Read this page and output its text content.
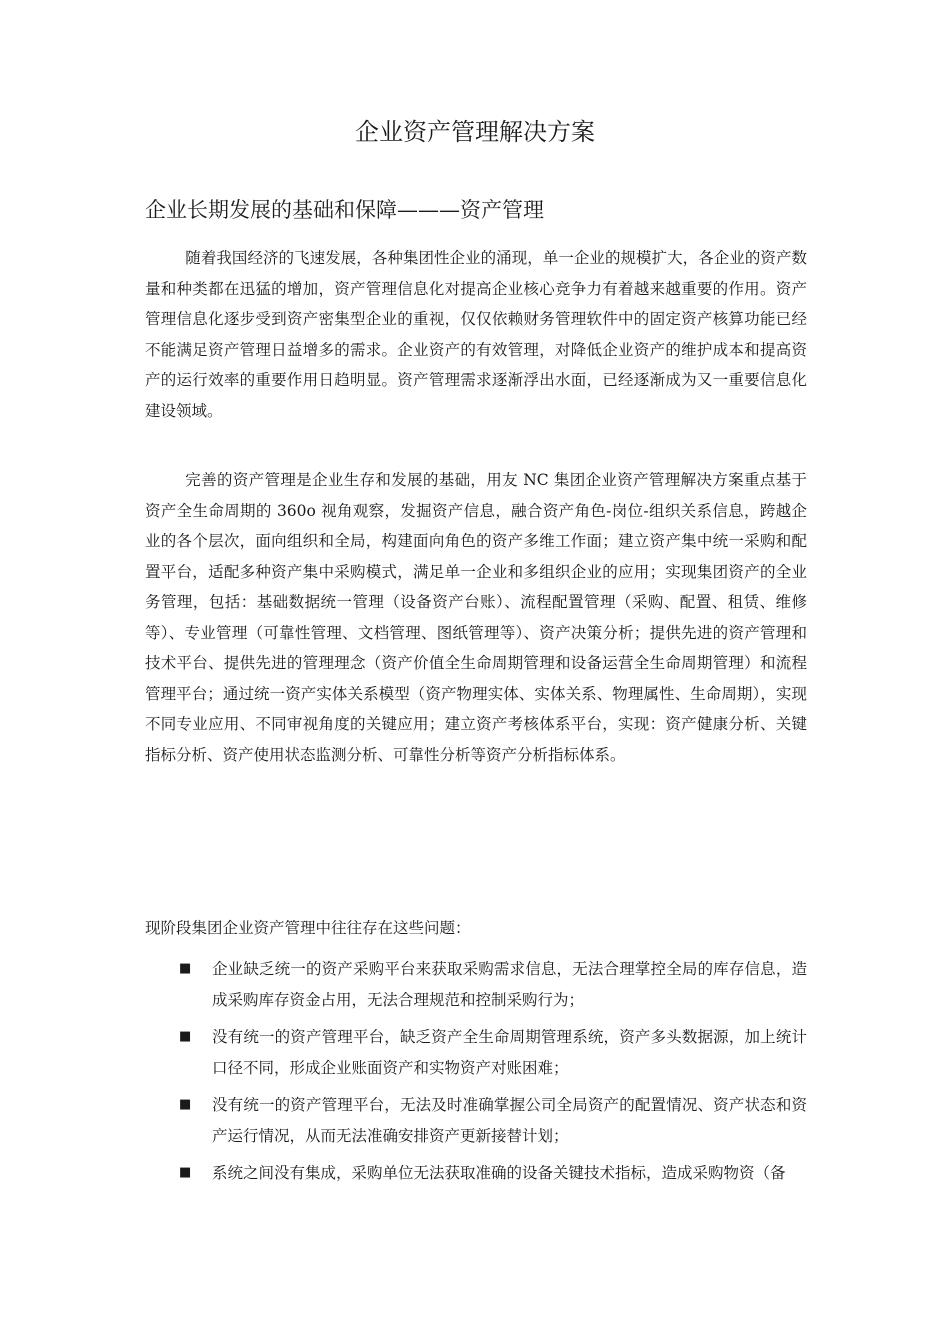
企业资产管理解决方案
企业长期发展的基础和保障———资产管理

随着我国经济的飞速发展，各种集团性企业的涌现，单一企业的规模扩大，各企业的资产数量和种类都在迅猛的增加，资产管理信息化对提高企业核心竞争力有着越来越重要的作用。资产管理信息化逐步受到资产密集型企业的重视，仅仅依赖财务管理软件中的固定资产核算功能已经不能满足资产管理日益增多的需求。企业资产的有效管理，对降低企业资产的维护成本和提高资产的运行效率的重要作用日趋明显。资产管理需求逐渐浮出水面，已经逐渐成为又一重要信息化建设领域。

完善的资产管理是企业生存和发展的基础，用友 NC 集团企业资产管理解决方案重点基于资产全生命周期的 360o 视角观察，发掘资产信息，融合资产角色-岗位-组织关系信息，跨越企业的各个层次，面向组织和全局，构建面向角色的资产多维工作面；建立资产集中统一采购和配置平台，适配多种资产集中采购模式，满足单一企业和多组织企业的应用；实现集团资产的全业务管理，包括：基础数据统一管理（设备资产台账）、流程配置管理（采购、配置、租赁、维修等）、专业管理（可靠性管理、文档管理、图纸管理等）、资产决策分析；提供先进的资产管理和技术平台、提供先进的管理理念（资产价值全生命周期管理和设备运营全生命周期管理）和流程管理平台；通过统一资产实体关系模型（资产物理实体、实体关系、物理属性、生命周期），实现不同专业应用、不同审视角度的关键应用；建立资产考核体系平台，实现：资产健康分析、关键指标分析、资产使用状态监测分析、可靠性分析等资产分析指标体系。

现阶段集团企业资产管理中往往存在这些问题：

■ 企业缺乏统一的资产采购平台来获取采购需求信息，无法合理掌控全局的库存信息，造成采购库存资金占用，无法合理规范和控制采购行为；
■ 没有统一的资产管理平台，缺乏资产全生命周期管理系统，资产多头数据源，加上统计口径不同，形成企业账面资产和实物资产对账困难；
■ 没有统一的资产管理平台，无法及时准确掌握公司全局资产的配置情况、资产状态和资产运行情况，从而无法准确安排资产更新接替计划；
■ 系统之间没有集成，采购单位无法获取准确的设备关键技术指标，造成采购物资（备
